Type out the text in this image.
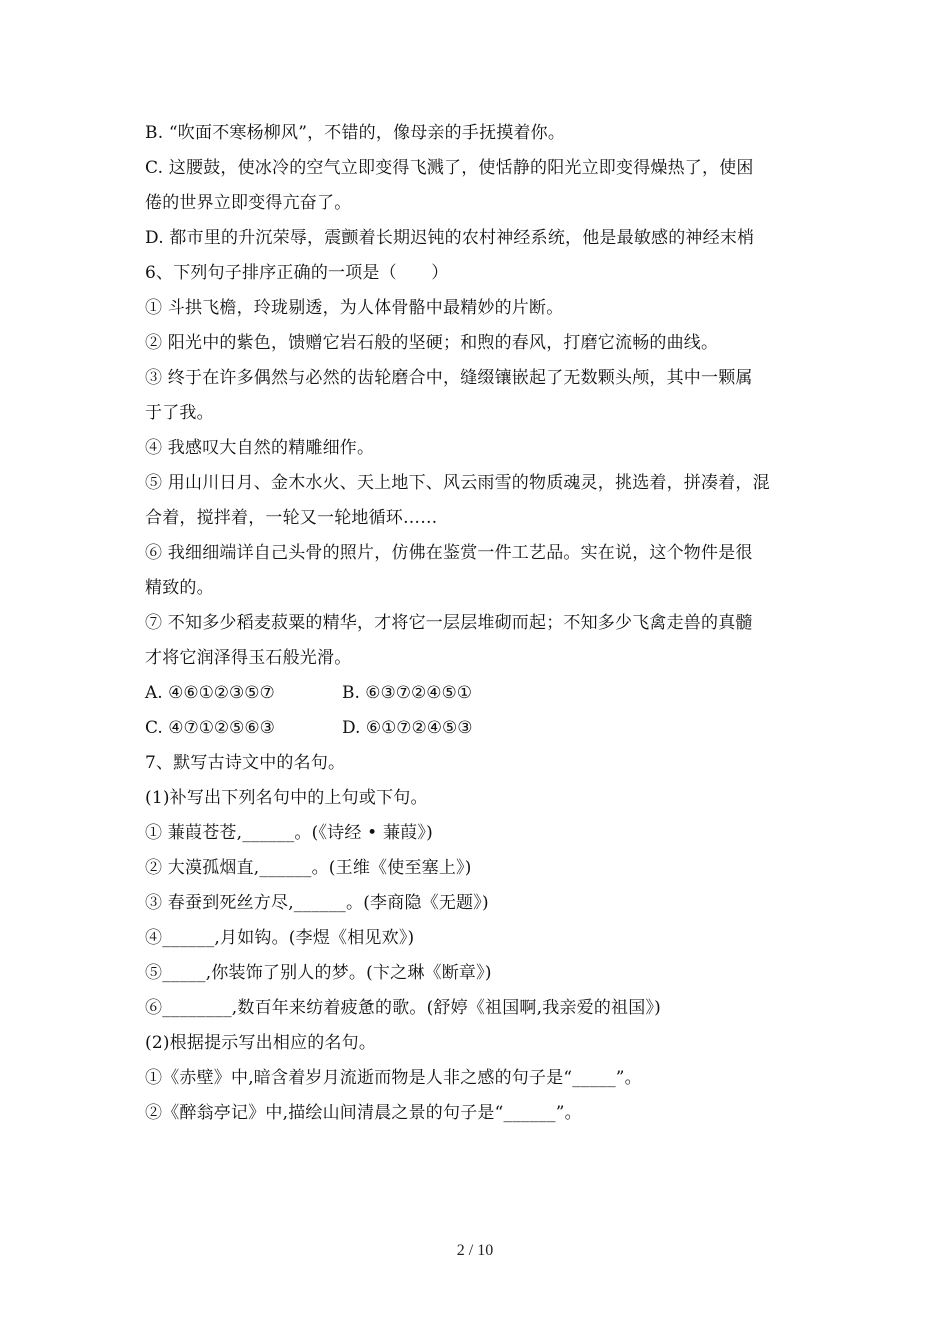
B. “吹面不寒杨柳风”，不错的，像母亲的手抚摸着你。
C. 这腰鼓，使冰冷的空气立即变得飞溅了，使恬静的阳光立即变得燥热了，使困
倦的世界立即变得亢奋了。
D. 都市里的升沉荣辱，震颤着长期迟钝的农村神经系统，他是最敏感的神经末梢
6、下列句子排序正确的一项是（　　）
① 斗拱飞檐，玲珑剔透，为人体骨骼中最精妙的片断。
② 阳光中的紫色，馈赠它岩石般的坚硬；和煦的春风，打磨它流畅的曲线。
③ 终于在许多偶然与必然的齿轮磨合中，缝缀镶嵌起了无数颗头颅，其中一颗属
于了我。
④ 我感叹大自然的精雕细作。
⑤ 用山川日月、金木水火、天上地下、风云雨雪的物质魂灵，挑选着，拼凑着，混
合着，搅拌着，一轮又一轮地循环……
⑥ 我细细端详自己头骨的照片，仿佛在鉴赏一件工艺品。实在说，这个物件是很
精致的。
⑦ 不知多少稻麦菽粟的精华，才将它一层层堆砌而起；不知多少飞禽走兽的真髓
才将它润泽得玉石般光滑。
A. ④⑥①②③⑤⑦	B. ⑥③⑦②④⑤①
C. ④⑦①②⑤⑥③	D. ⑥①⑦②④⑤③
7、默写古诗文中的名句。
(1)补写出下列名句中的上句或下句。
① 蒹葭苍苍,______。(《诗经 • 蒹葭》)
② 大漠孤烟直,______。(王维《使至塞上》)
③ 春蚕到死丝方尽,______。(李商隐《无题》)
④______,月如钩。(李煜《相见欢》)
⑤_____,你装饰了别人的梦。(卞之琳《断章》)
⑥________,数百年来纺着疲惫的歌。(舒婷《祖国啊,我亲爱的祖国》)
(2)根据提示写出相应的名句。
①《赤壁》中,暗含着岁月流逝而物是人非之感的句子是“_____”。
②《醉翁亭记》中,描绘山间清晨之景的句子是“______”。
2 / 10
